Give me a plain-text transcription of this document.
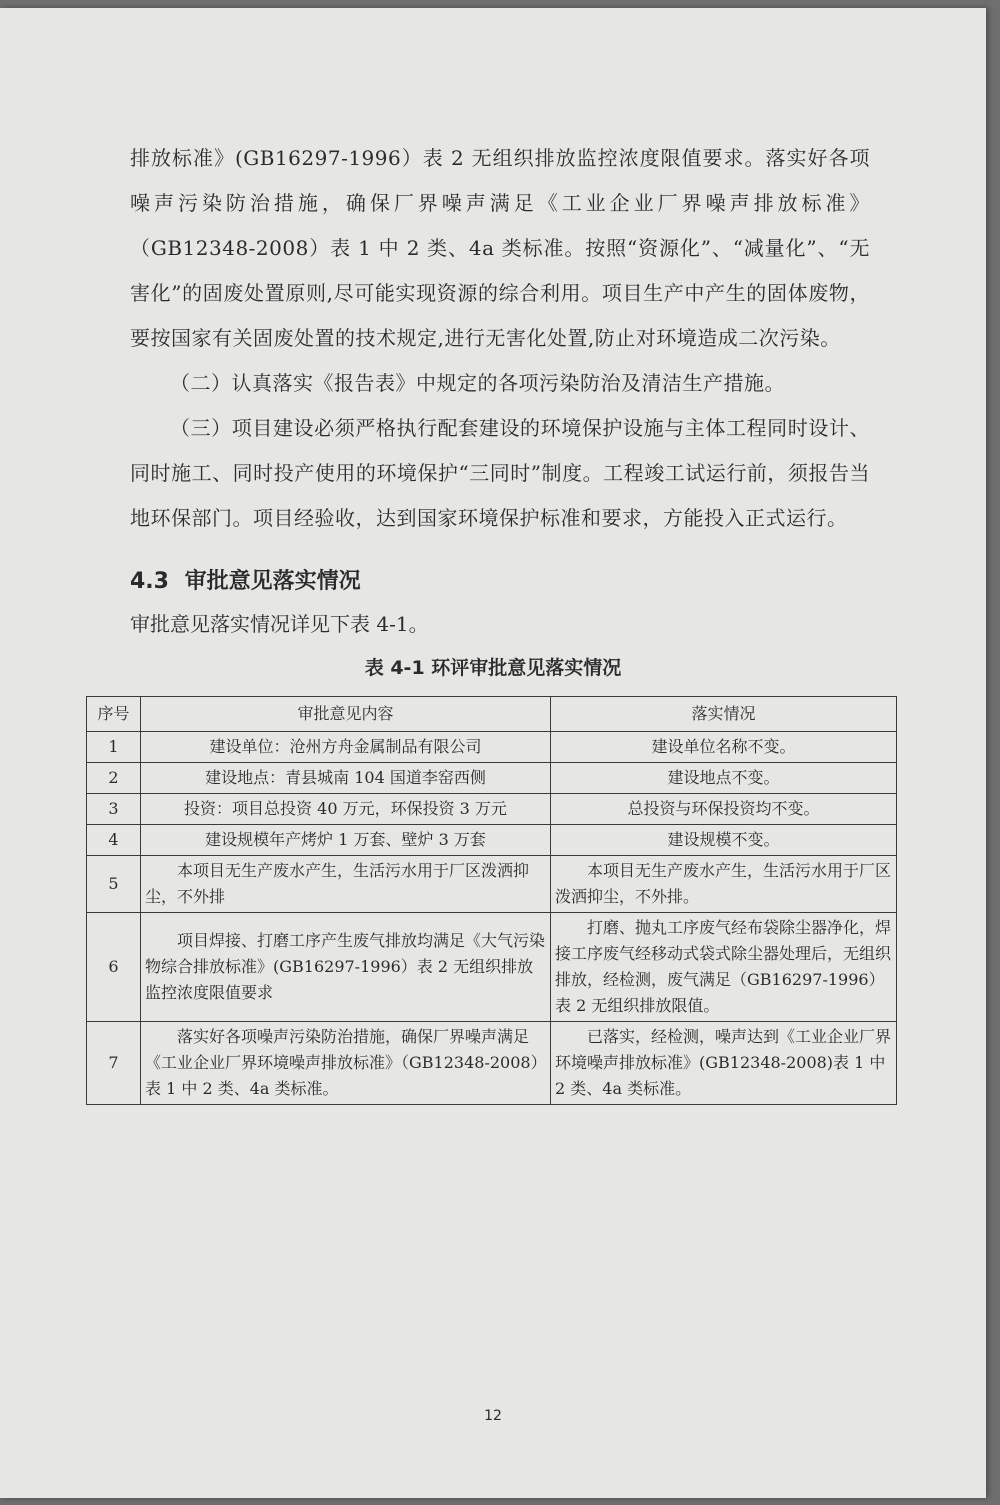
排放标准》(GB16297-1996）表 2 无组织排放监控浓度限值要求。落实好各项噪声污染防治措施，确保厂界噪声满足《工业企业厂界噪声排放标准》（GB12348-2008）表 1 中 2 类、4a 类标准。按照“资源化”、“减量化”、“无害化”的固废处置原则,尽可能实现资源的综合利用。项目生产中产生的固体废物，要按国家有关固废处置的技术规定,进行无害化处置,防止对环境造成二次污染。

（二）认真落实《报告表》中规定的各项污染防治及清洁生产措施。

（三）项目建设必须严格执行配套建设的环境保护设施与主体工程同时设计、同时施工、同时投产使用的环境保护“三同时”制度。工程竣工试运行前，须报告当地环保部门。项目经验收，达到国家环境保护标准和要求，方能投入正式运行。

4.3 审批意见落实情况
审批意见落实情况详见下表 4-1。
表 4-1 环评审批意见落实情况
序号	审批意见内容	落实情况
1	建设单位：沧州方舟金属制品有限公司	建设单位名称不变。
2	建设地点：青县城南 104 国道李窑西侧	建设地点不变。
3	投资：项目总投资 40 万元，环保投资 3 万元	总投资与环保投资均不变。
4	建设规模年产烤炉 1 万套、壁炉 3 万套	建设规模不变。
5	本项目无生产废水产生，生活污水用于厂区泼洒抑尘，不外排	本项目无生产废水产生，生活污水用于厂区泼洒抑尘，不外排。
6	项目焊接、打磨工序产生废气排放均满足《大气污染物综合排放标准》(GB16297-1996）表 2 无组织排放监控浓度限值要求	打磨、抛丸工序废气经布袋除尘器净化，焊接工序废气经移动式袋式除尘器处理后，无组织排放，经检测，废气满足（GB16297-1996）表 2 无组织排放限值。
7	落实好各项噪声污染防治措施，确保厂界噪声满足《工业企业厂界环境噪声排放标准》（GB12348-2008）表 1 中 2 类、4a 类标准。	已落实，经检测，噪声达到《工业企业厂界环境噪声排放标准》(GB12348-2008)表 1 中 2 类、4a 类标准。
12
